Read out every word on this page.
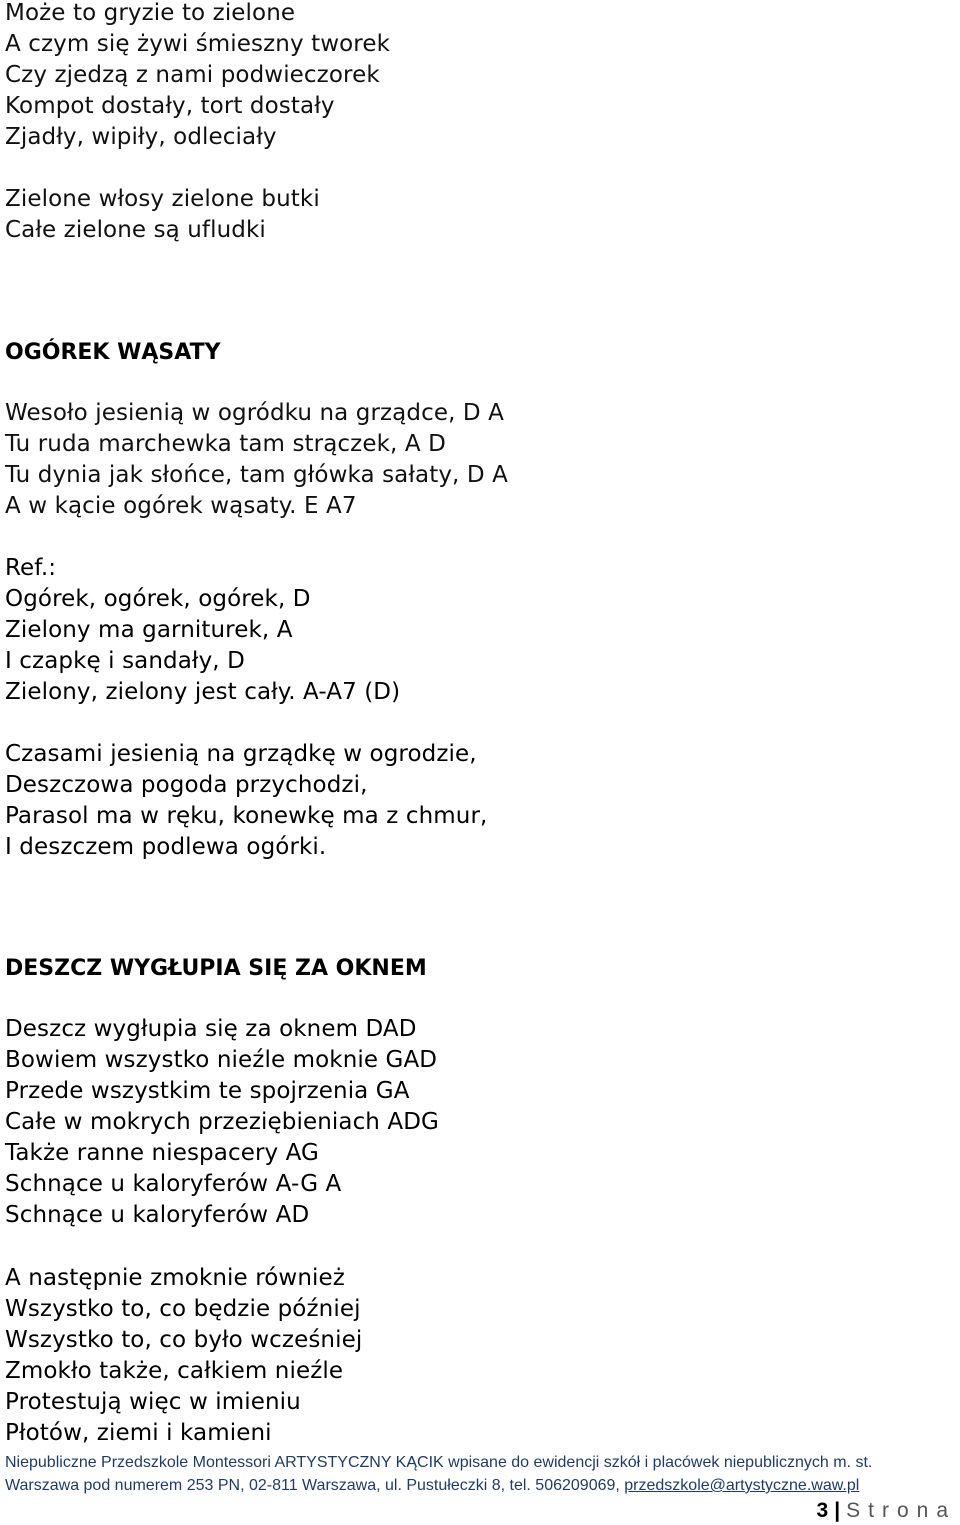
Może to gryzie to zielone
A czym się żywi śmieszny tworek
Czy zjedzą z nami podwieczorek
Kompot dostały, tort dostały
Zjadły, wipiły, odleciały
Zielone włosy zielone butki
Całe zielone są ufludki
OGÓREK WĄSATY
Wesoło jesienią w ogródku na grządce, D A
Tu ruda marchewka tam strączek, A D
Tu dynia jak słońce, tam główka sałaty, D A
A w kącie ogórek wąsaty. E A7
Ref.:
Ogórek, ogórek, ogórek, D
Zielony ma garniturek, A
I czapkę i sandały, D
Zielony, zielony jest cały. A-A7 (D)
Czasami jesienią na grządkę w ogrodzie,
Deszczowa pogoda przychodzi,
Parasol ma w ręku, konewkę ma z chmur,
I deszczem podlewa ogórki.
DESZCZ WYGŁUPIA SIĘ ZA OKNEM
Deszcz wygłupia się za oknem DAD
Bowiem wszystko nieźle moknie GAD
Przede wszystkim te spojrzenia GA
Całe w mokrych przeziębieniach ADG
Także ranne niespacery AG
Schnące u kaloryferów A-G A
Schnące u kaloryferów AD
A następnie zmoknie również
Wszystko to, co będzie później
Wszystko to, co było wcześniej
Zmokło także, całkiem nieźle
Protestują więc w imieniu
Płotów, ziemi i kamieni
Niepubliczne Przedszkole Montessori ARTYSTYCZNY KĄCIK wpisane do ewidencji szkół i placówek niepublicznych m. st.
Warszawa pod numerem 253 PN, 02-811 Warszawa, ul. Pustułeczki 8, tel. 506209069, przedszkole@artystyczne.waw.pl
3 | Strona
